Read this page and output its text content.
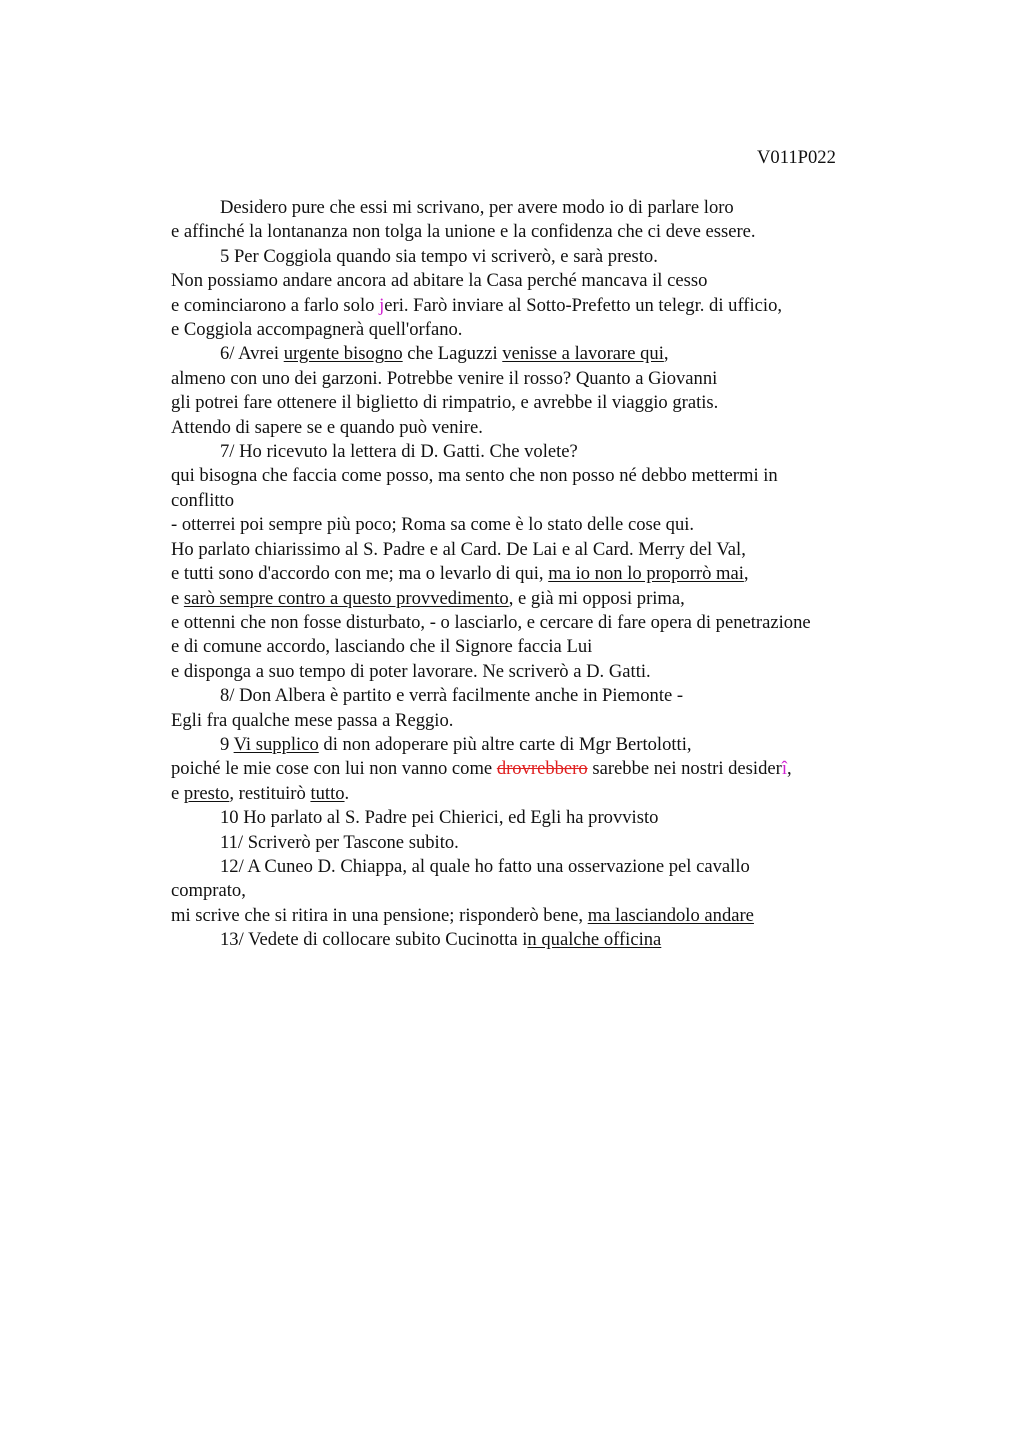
V011P022
Desidero pure che essi mi scrivano, per avere modo io di parlare loro
e affinché la lontananza non tolga la unione e la confidenza che ci deve essere.
5 Per Coggiola quando sia tempo vi scriverò, e sarà presto.
Non possiamo andare ancora ad abitare la Casa perché mancava il cesso
e cominciarono a farlo solo jeri. Farò inviare al Sotto-Prefetto un telegr. di ufficio,
e Coggiola accompagnerà quell'orfano.
6/ Avrei urgente bisogno che Laguzzi venisse a lavorare qui,
almeno con uno dei garzoni. Potrebbe venire il rosso? Quanto a Giovanni
gli potrei fare ottenere il biglietto di rimpatrio, e avrebbe il viaggio gratis.
Attendo di sapere se e quando può venire.
7/ Ho ricevuto la lettera di D. Gatti. Che volete?
qui bisogna che faccia come posso, ma sento che non posso né debbo mettermi in
conflitto
- otterrei poi sempre più poco; Roma sa come è lo stato delle cose qui.
Ho parlato chiarissimo al S. Padre e al Card. De Lai e al Card. Merry del Val,
e tutti sono d'accordo con me; ma o levarlo di qui, ma io non lo proporrò mai,
e sarò sempre contro a questo provvedimento, e già mi opposi prima,
e ottenni che non fosse disturbato, - o lasciarlo, e cercare di fare opera di penetrazione
e di comune accordo, lasciando che il Signore faccia Lui
e disponga a suo tempo di poter lavorare. Ne scriverò a D. Gatti.
8/ Don Albera è partito e verrà facilmente anche in Piemonte -
Egli fra qualche mese passa a Reggio.
9 Vi supplico di non adoperare più altre carte di Mgr Bertolotti,
poiché le mie cose con lui non vanno come drovrebbero sarebbe nei nostri desiderî,
e presto, restituirò tutto.
10 Ho parlato al S. Padre pei Chierici, ed Egli ha provvisto
11/ Scriverò per Tascone subito.
12/ A Cuneo D. Chiappa, al quale ho fatto una osservazione pel cavallo
comprato,
mi scrive che si ritira in una pensione; risponderò bene, ma lasciandolo andare
13/ Vedete di collocare subito Cucinotta in qualche officina
